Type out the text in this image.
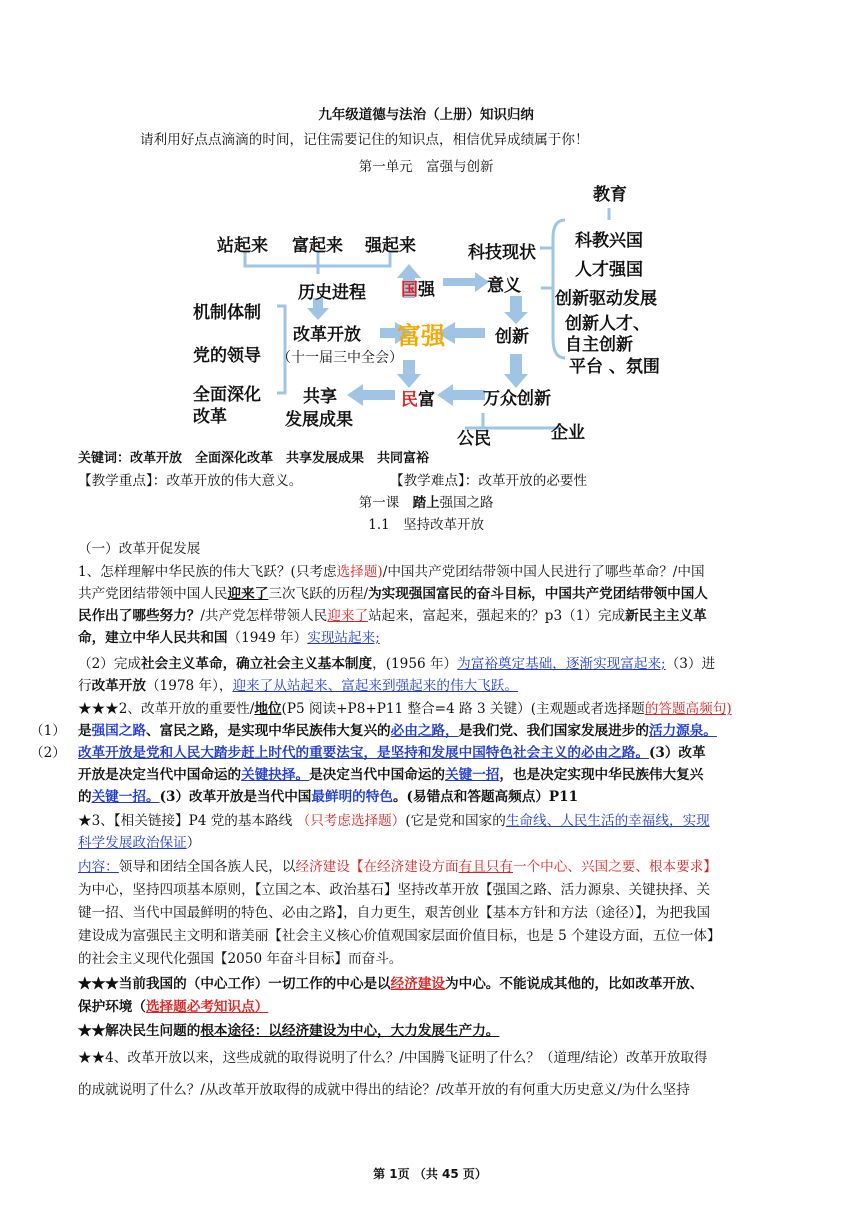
九年级道德与法治（上册）知识归纳
请利用好点点滴滴的时间，记住需要记住的知识点，相信优异成绩属于你！
第一单元　富强与创新
教育
站起来 富起来 强起来	科技现状
科教兴国
人才强国
历史进程 国强	意义
创新驱动发展
机制体制
创新人才、
改革开放 富强	创新 自主创新
党的领导 （十一届三中全会）	平台 、氛围
全面深化
改革
共享
发展成果
民富	万众创新
公民	企业
关键词：改革开放　全面深化改革　共享发展成果　共同富裕
【教学重点】：改革开放的伟大意义。	【教学难点】：改革开放的必要性
第一课　踏上强国之路
1.1　坚持改革开放
（一）改革开促发展
1、怎样理解中华民族的伟大飞跃？(只考虑选择题)/中国共产党团结带领中国人民进行了哪些革命？/中国
共产党团结带领中国人民迎来了三次飞跃的历程/为实现强国富民的奋斗目标，中国共产党团结带领中国人
民作出了哪些努力？/共产党怎样带领人民迎来了站起来，富起来，强起来的？p3（1）完成新民主主义革
命，建立中华人民共和国（1949 年）实现站起来;
（2）完成社会主义革命，确立社会主义基本制度，(1956 年）为富裕奠定基础，逐渐实现富起来;（3）进
行改革开放（1978 年），迎来了从站起来、富起来到强起来的伟大飞跃。
★★★2、改革开放的重要性/地位(P5 阅读+P8+P11 整合=4 路 3 关键）(主观题或者选择题的答题高频句)
（1）
（2）
是强国之路、富民之路，是实现中华民族伟大复兴的必由之路，是我们党、我们国家发展进步的活力源泉。
改革开放是党和人民大踏步赶上时代的重要法宝，是坚持和发展中国特色社会主义的必由之路。(3）改革
开放是决定当代中国命运的关键抉择。是决定当代中国命运的关键一招，也是决定实现中华民族伟大复兴
的关键一招。(3）改革开放是当代中国最鲜明的特色。(易错点和答题高频点）P11
★3、【相关链接】P4 党的基本路线 （只考虑选择题）(它是党和国家的生命线、人民生活的幸福线，实现
科学发展政治保证）
内容：领导和团结全国各族人民，以经济建设【在经济建设方面有且只有一个中心、兴国之要、根本要求】
为中心，坚持四项基本原则，【立国之本、政治基石】坚持改革开放【强国之路、活力源泉、关键抉择、关
键一招、当代中国最鲜明的特色、必由之路】，自力更生，艰苦创业【基本方针和方法（途径）】，为把我国
建设成为富强民主文明和谐美丽【社会主义核心价值观国家层面价值目标，也是 5 个建设方面，五位一体】
的社会主义现代化强国【2050 年奋斗目标】而奋斗。
★★★当前我国的（中心工作）一切工作的中心是以经济建设为中心。不能说成其他的，比如改革开放、
保护环境（选择题必考知识点）
★★解决民生问题的根本途径：以经济建设为中心，大力发展生产力。
★★4、改革开放以来，这些成就的取得说明了什么？/中国腾飞证明了什么？（道理/结论）改革开放取得
的成就说明了什么？/从改革开放取得的成就中得出的结论？/改革开放的有何重大历史意义/为什么坚持
第 1页 （共 45 页）
